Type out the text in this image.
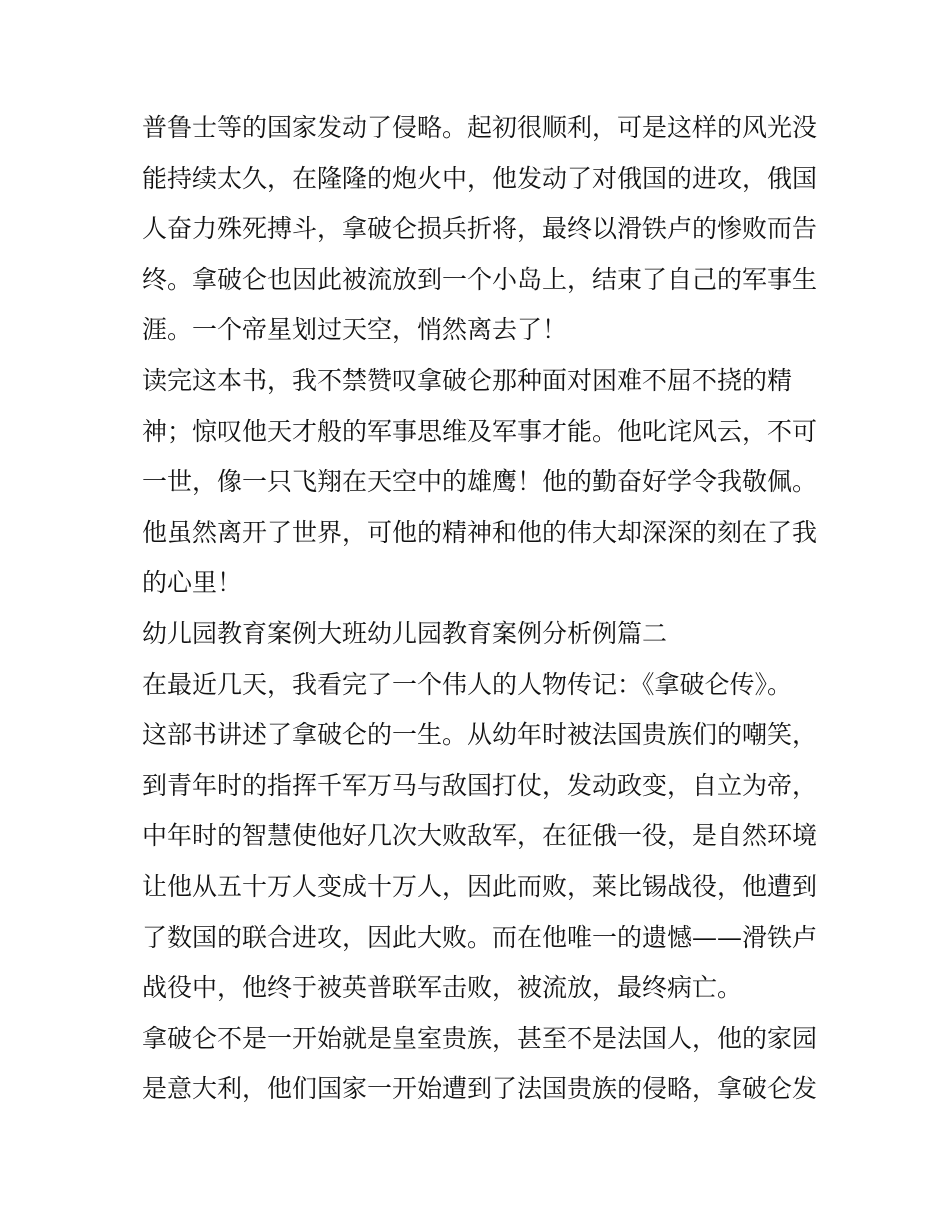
普鲁士等的国家发动了侵略。起初很顺利，可是这样的风光没
能持续太久，在隆隆的炮火中，他发动了对俄国的进攻，俄国
人奋力殊死搏斗，拿破仑损兵折将，最终以滑铁卢的惨败而告
终。拿破仑也因此被流放到一个小岛上，结束了自己的军事生
涯。一个帝星划过天空，悄然离去了！
读完这本书，我不禁赞叹拿破仑那种面对困难不屈不挠的精
神；惊叹他天才般的军事思维及军事才能。他叱诧风云，不可
一世，像一只飞翔在天空中的雄鹰！他的勤奋好学令我敬佩。
他虽然离开了世界，可他的精神和他的伟大却深深的刻在了我
的心里！
幼儿园教育案例大班幼儿园教育案例分析例篇二
在最近几天，我看完了一个伟人的人物传记：《拿破仑传》。
这部书讲述了拿破仑的一生。从幼年时被法国贵族们的嘲笑，
到青年时的指挥千军万马与敌国打仗，发动政变，自立为帝，
中年时的智慧使他好几次大败敌军，在征俄一役，是自然环境
让他从五十万人变成十万人，因此而败，莱比锡战役，他遭到
了数国的联合进攻，因此大败。而在他唯一的遗憾——滑铁卢
战役中，他终于被英普联军击败，被流放，最终病亡。
拿破仑不是一开始就是皇室贵族，甚至不是法国人，他的家园
是意大利，他们国家一开始遭到了法国贵族的侵略，拿破仑发
